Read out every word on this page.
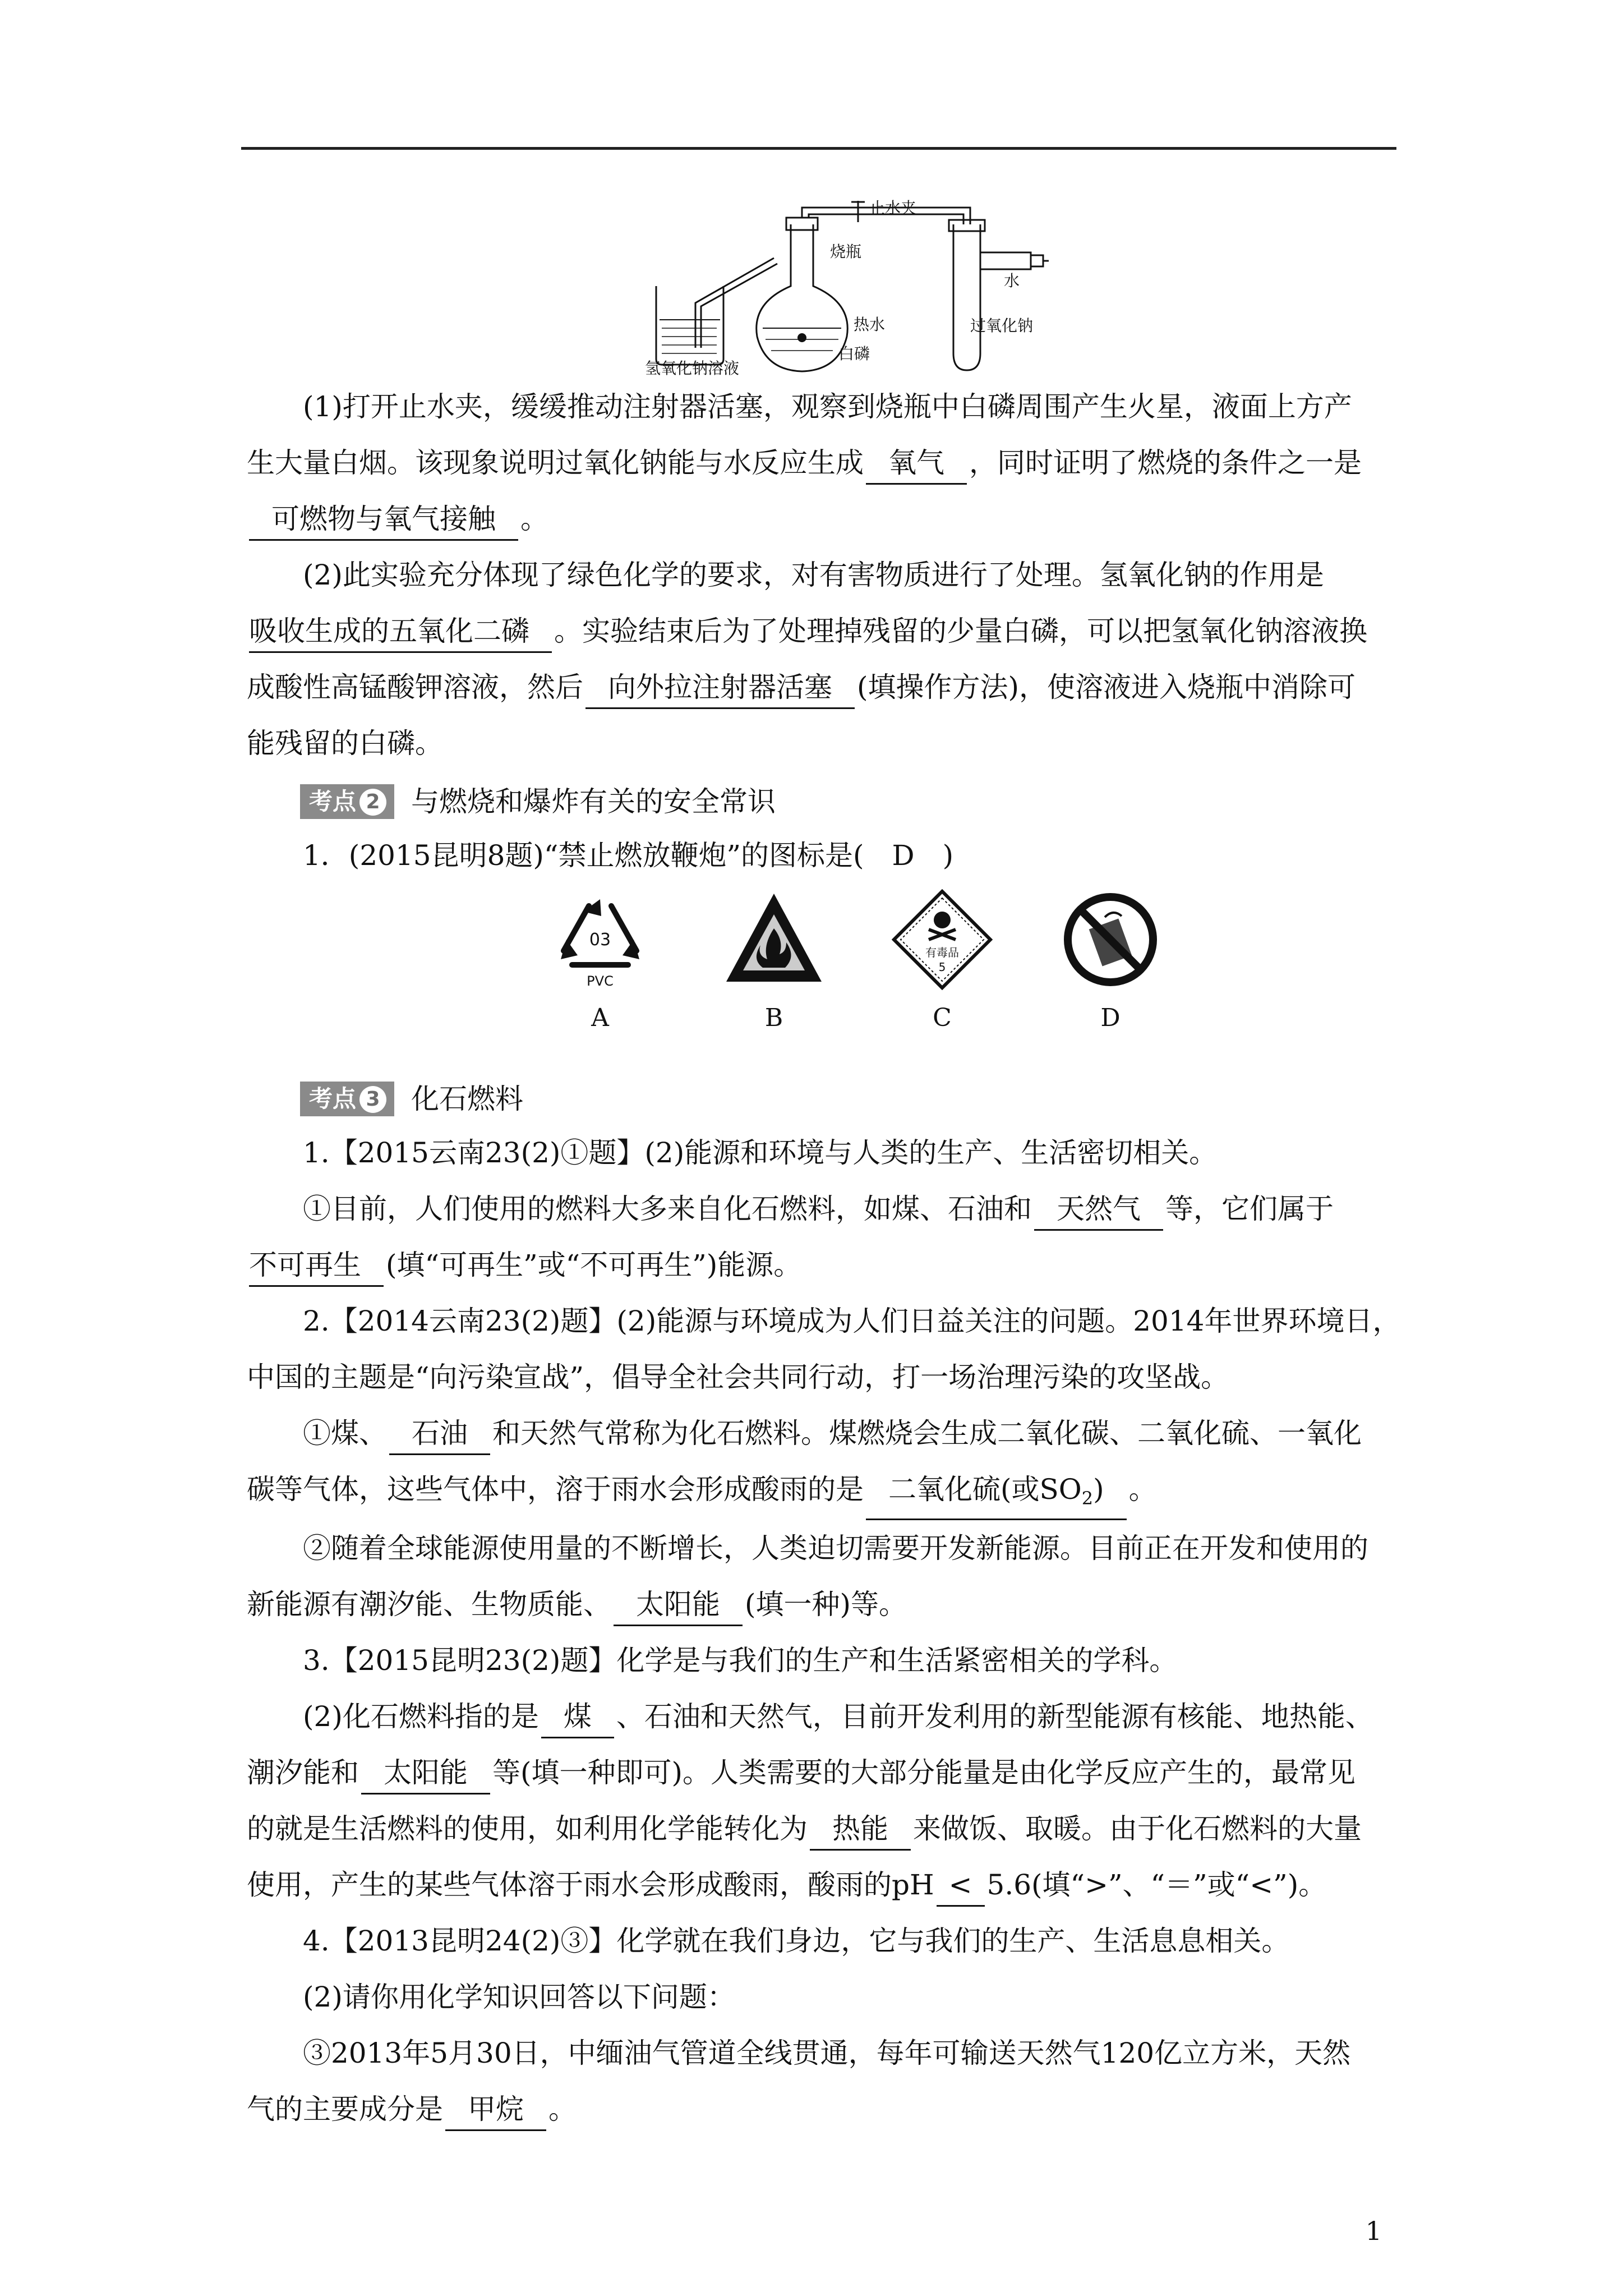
止水夹
烧瓶
水
热水
白磷
氢氧化钠溶液
过氧化钠

(1)打开止水夹，缓缓推动注射器活塞，观察到烧瓶中白磷周围产生火星，液面上方产

生大量白烟。该现象说明过氧化钠能与水反应生成 氧气 ，同时证明了燃烧的条件之一是

可燃物与氧气接触 。

(2)此实验充分体现了绿色化学的要求，对有害物质进行了处理。氢氧化钠的作用是

吸收生成的五氧化二磷 。实验结束后为了处理掉残留的少量白磷，可以把氢氧化钠溶液换

成酸性高锰酸钾溶液，然后 向外拉注射器活塞 (填操作方法)，使溶液进入烧瓶中消除可

能残留的白磷。

考点 2 与燃烧和爆炸有关的安全常识

1．(2015昆明8题)“禁止燃放鞭炮”的图标是(　D　)

03
PVC
A	B
有毒品
5
C	D
考点 3 化石燃料

1.【2015云南23(2)①题】(2)能源和环境与人类的生产、生活密切相关。

①目前，人们使用的燃料大多来自化石燃料，如煤、石油和 天然气 等，它们属于

不可再生 (填“可再生”或“不可再生”)能源。

2.【2014云南23(2)题】(2)能源与环境成为人们日益关注的问题。2014年世界环境日，

中国的主题是“向污染宣战”，倡导全社会共同行动，打一场治理污染的攻坚战。

①煤、 石油 和天然气常称为化石燃料。煤燃烧会生成二氧化碳、二氧化硫、一氧化

碳等气体，这些气体中，溶于雨水会形成酸雨的是 二氧化硫(或$SO_2$) 。

②随着全球能源使用量的不断增长，人类迫切需要开发新能源。目前正在开发和使用的

新能源有潮汐能、生物质能、 太阳能 (填一种)等。

3.【2015昆明23(2)题】化学是与我们的生产和生活紧密相关的学科。

(2)化石燃料指的是 煤 、石油和天然气，目前开发利用的新型能源有核能、地热能、

潮汐能和 太阳能 等(填一种即可)。人类需要的大部分能量是由化学反应产生的，最常见

的就是生活燃料的使用，如利用化学能转化为 热能 来做饭、取暖。由于化石燃料的大量

使用，产生的某些气体溶于雨水会形成酸雨，酸雨的pH < 5.6(填“>”、“＝”或“<”)。

4.【2013昆明24(2)③】化学就在我们身边，它与我们的生产、生活息息相关。

(2)请你用化学知识回答以下问题：

③2013年5月30日，中缅油气管道全线贯通，每年可输送天然气120亿立方米，天然

气的主要成分是 甲烷 。

1
